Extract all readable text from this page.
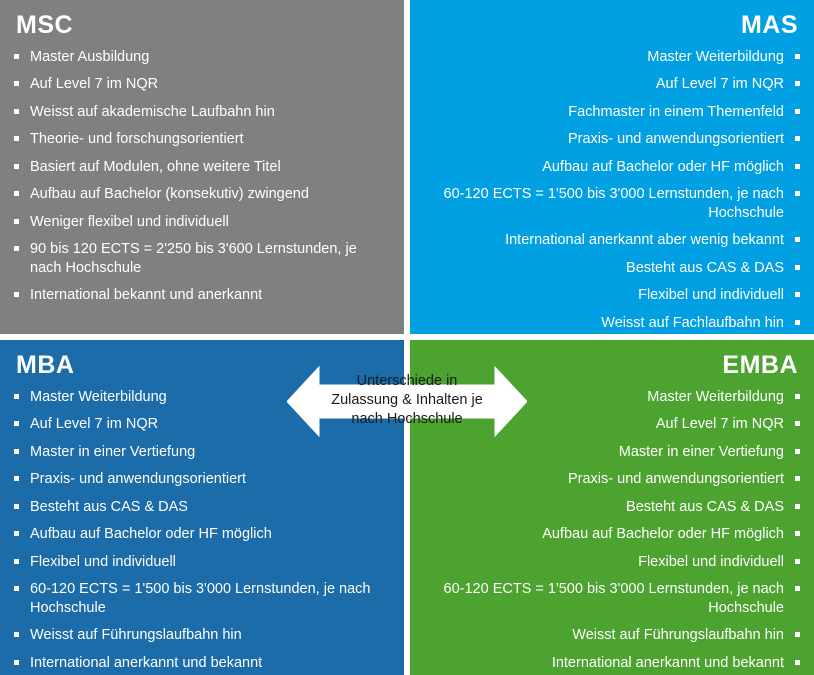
MSC
Master Ausbildung
Auf Level 7 im NQR
Weisst auf akademische Laufbahn hin
Theorie- und forschungsorientiert
Basiert auf Modulen, ohne weitere Titel
Aufbau auf Bachelor (konsekutiv) zwingend
Weniger flexibel und individuell
90 bis 120 ECTS = 2'250 bis 3'600 Lernstunden, je nach Hochschule
International bekannt und anerkannt
MAS
Master Weiterbildung
Auf Level 7 im NQR
Fachmaster in einem Themenfeld
Praxis- und anwendungsorientiert
Aufbau auf Bachelor oder HF möglich
60-120 ECTS = 1'500 bis 3'000 Lernstunden, je nach Hochschule
International anerkannt aber wenig bekannt
Besteht aus CAS & DAS
Flexibel und individuell
Weisst auf Fachlaufbahn hin
MBA
Master Weiterbildung
Auf Level 7 im NQR
Master in einer Vertiefung
Praxis- und anwendungsorientiert
Besteht aus CAS & DAS
Aufbau auf Bachelor oder HF möglich
Flexibel und individuell
60-120 ECTS = 1'500 bis 3'000 Lernstunden, je nach Hochschule
Weisst auf Führungslaufbahn hin
International anerkannt und bekannt
EMBA
Master Weiterbildung
Auf Level 7 im NQR
Master in einer Vertiefung
Praxis- und anwendungsorientiert
Besteht aus CAS & DAS
Aufbau auf Bachelor oder HF möglich
Flexibel und individuell
60-120 ECTS = 1'500 bis 3'000 Lernstunden, je nach Hochschule
Weisst auf Führungslaufbahn hin
International anerkannt und bekannt
Unterschiede in
Zulassung & Inhalten je
nach Hochschule
